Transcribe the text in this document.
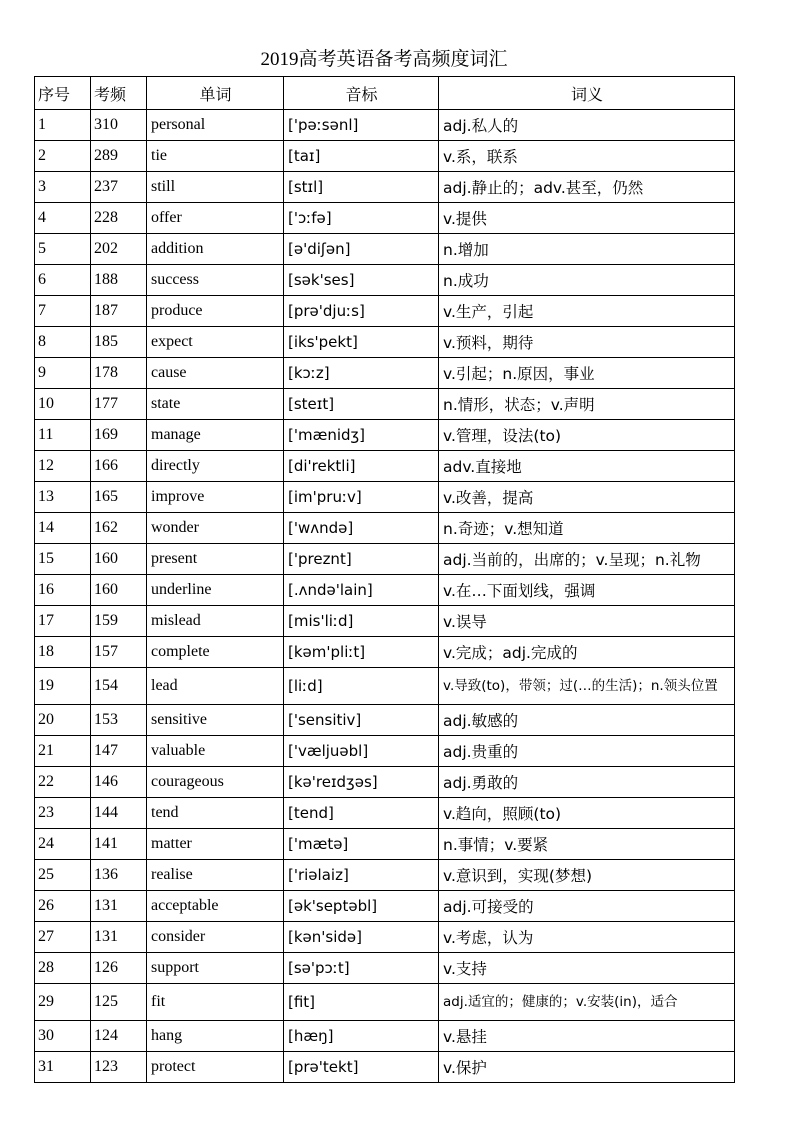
2019高考英语备考高频度词汇
序号	考频	单词	音标	词义
1	310	personal	['pəːsənl]	adj.私人的
2	289	tie	[taɪ]	v.系，联系
3	237	still	[stɪl]	adj.静止的；adv.甚至，仍然
4	228	offer	['ɔːfə]	v.提供
5	202	addition	[ə'diʃən]	n.增加
6	188	success	[sək'ses]	n.成功
7	187	produce	[prə'djuːs]	v.生产，引起
8	185	expect	[iks'pekt]	v.预料，期待
9	178	cause	[kɔːz]	v.引起；n.原因，事业
10	177	state	[steɪt]	n.情形，状态；v.声明
11	169	manage	['mænidʒ]	v.管理，设法(to)
12	166	directly	[di'rektli]	adv.直接地
13	165	improve	[im'pruːv]	v.改善，提高
14	162	wonder	['wʌndə]	n.奇迹；v.想知道
15	160	present	['preznt]	adj.当前的，出席的；v.呈现；n.礼物
16	160	underline	[.ʌndə'lain]	v.在…下面划线，强调
17	159	mislead	[mis'liːd]	v.误导
18	157	complete	[kəm'pliːt]	v.完成；adj.完成的
19	154	lead	[liːd]	v.导致(to)，带领；过(…的生活)；n.领头位置
20	153	sensitive	['sensitiv]	adj.敏感的
21	147	valuable	['væljuəbl]	adj.贵重的
22	146	courageous	[kə'reɪdʒəs]	adj.勇敢的
23	144	tend	[tend]	v.趋向，照顾(to)
24	141	matter	['mætə]	n.事情；v.要紧
25	136	realise	['riəlaiz]	v.意识到，实现(梦想)
26	131	acceptable	[ək'septəbl]	adj.可接受的
27	131	consider	[kən'sidə]	v.考虑，认为
28	126	support	[sə'pɔːt]	v.支持
29	125	fit	[fit]	adj.适宜的；健康的；v.安装(in)，适合
30	124	hang	[hæŋ]	v.悬挂
31	123	protect	[prə'tekt]	v.保护
